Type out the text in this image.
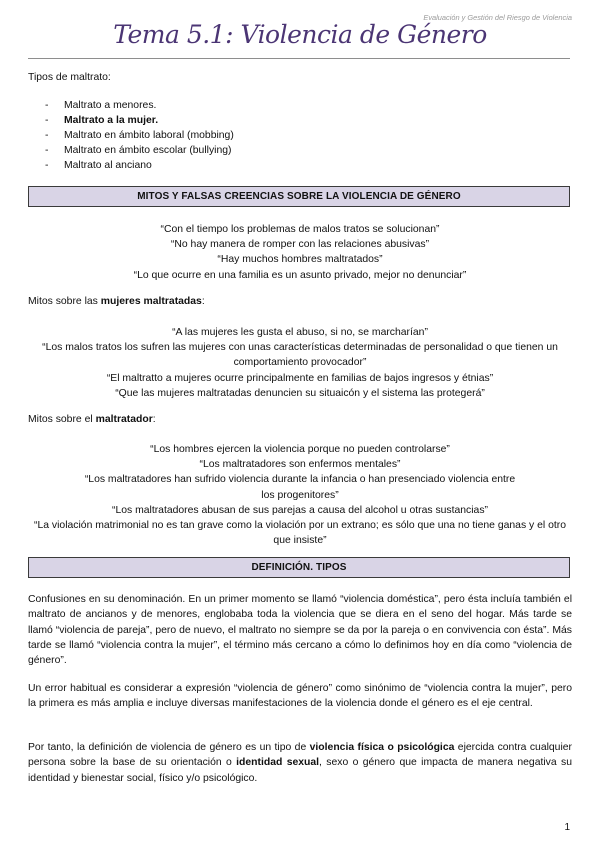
Evaluación y Gestión del Riesgo de Violencia
Tema 5.1: Violencia de Género
Tipos de maltrato:
- Maltrato a menores.
- Maltrato a la mujer.
- Maltrato en ámbito laboral (mobbing)
- Maltrato en ámbito escolar (bullying)
- Maltrato al anciano
MITOS Y FALSAS CREENCIAS SOBRE LA VIOLENCIA DE GÉNERO
“Con el tiempo los problemas de malos tratos se solucionan”
“No hay manera de romper con las relaciones abusivas”
“Hay muchos hombres maltratados”
“Lo que ocurre en una familia es un asunto privado, mejor no denunciar”
Mitos sobre las mujeres maltratadas:
“A las mujeres les gusta el abuso, si no, se marcharían”
“Los malos tratos los sufren las mujeres con unas características determinadas de personalidad o que tienen un comportamiento provocador”
“El maltratto a mujeres ocurre principalmente en familias de bajos ingresos y étnias”
“Que las mujeres maltratadas denuncien su situaicón y el sistema las protegerá”
Mitos sobre el maltratador:
“Los hombres ejercen la violencia porque no pueden controlarse”
“Los maltratadores son enfermos mentales”
“Los maltratadores han sufrido violencia durante la infancia o han presenciado violencia entre los progenitores”
“Los maltratadores abusan de sus parejas a causa del alcohol u otras sustancias”
“La violación matrimonial no es tan grave como la violación por un extrano; es sólo que una no tiene ganas y el otro que insiste”
DEFINICIÓN. TIPOS
Confusiones en su denominación. En un primer momento se llamó “violencia doméstica”, pero ésta incluía también el maltrato de ancianos y de menores, englobaba toda la violencia que se diera en el seno del hogar. Más tarde se llamó “violencia de pareja”, pero de nuevo, el maltrato no siempre se da por la pareja o en convivencia con ésta”. Más tarde se llamó “violencia contra la mujer”, el término más cercano a cómo lo definimos hoy en día como “violencia de género”.
Un error habitual es considerar a expresión “violencia de género” como sinónimo de “violencia contra la mujer”, pero la primera es más amplia e incluye diversas manifestaciones de la violencia donde el género es el eje central.
Por tanto, la definición de violencia de género es un tipo de violencia física o psicológica ejercida contra cualquier persona sobre la base de su orientación o identidad sexual, sexo o género que impacta de manera negativa su identidad y bienestar social, físico y/o psicológico.
1
